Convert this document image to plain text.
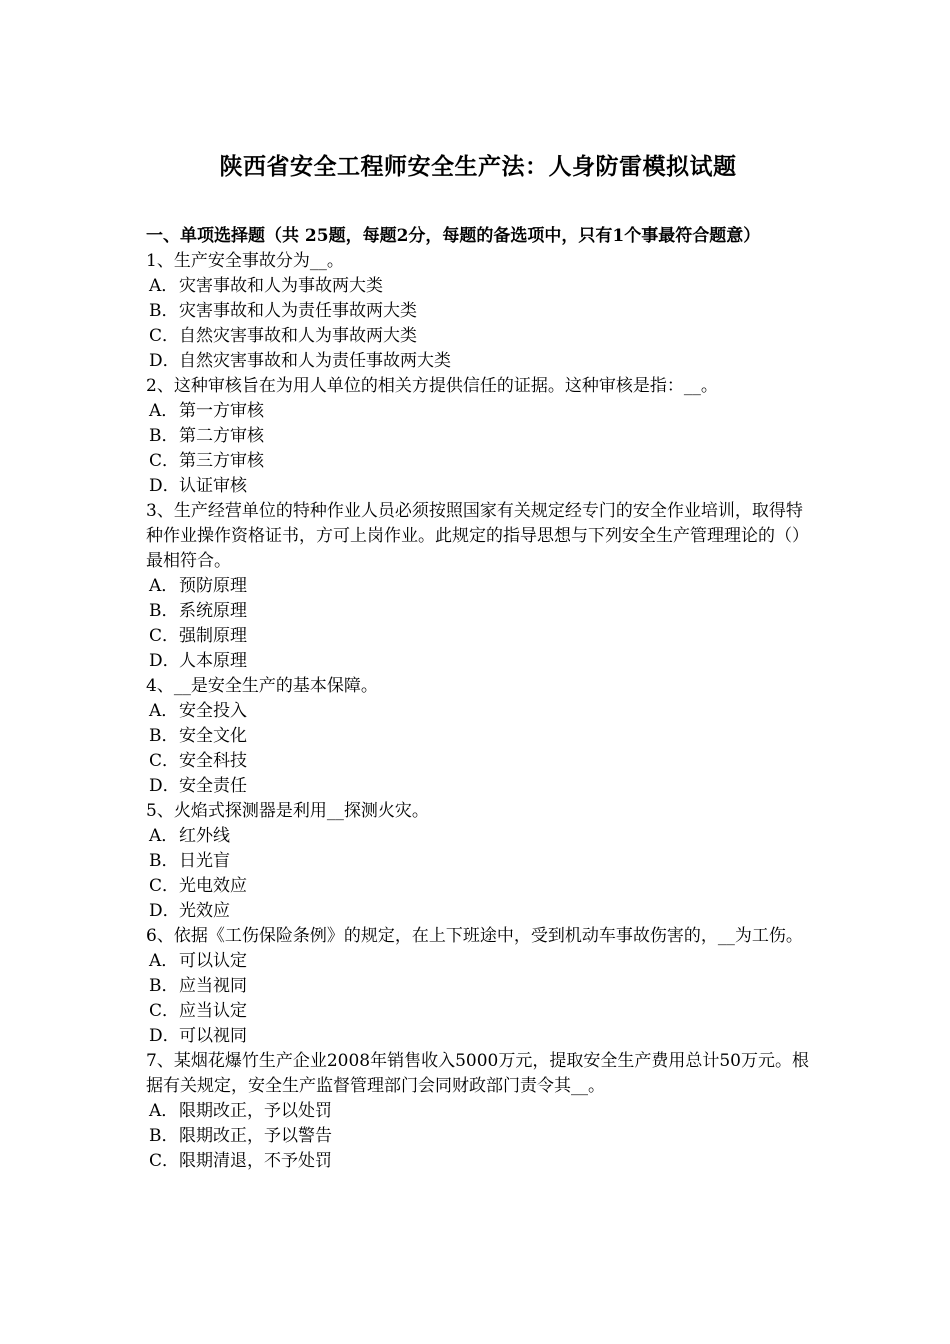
陕西省安全工程师安全生产法：人身防雷模拟试题

一、单项选择题（共 25题，每题2分，每题的备选项中，只有1个事最符合题意）

1、生产安全事故分为__。

A．灾害事故和人为事故两大类

B．灾害事故和人为责任事故两大类

C．自然灾害事故和人为事故两大类

D．自然灾害事故和人为责任事故两大类

2、这种审核旨在为用人单位的相关方提供信任的证据。这种审核是指：__。

A．第一方审核

B．第二方审核

C．第三方审核

D．认证审核

3、生产经营单位的特种作业人员必须按照国家有关规定经专门的安全作业培训，取得特种作业操作资格证书，方可上岗作业。此规定的指导思想与下列安全生产管理理论的（）最相符合。

A．预防原理

B．系统原理

C．强制原理

D．人本原理

4、__是安全生产的基本保障。

A．安全投入

B．安全文化

C．安全科技

D．安全责任

5、火焰式探测器是利用__探测火灾。

A．红外线

B．日光盲

C．光电效应

D．光效应

6、依据《工伤保险条例》的规定，在上下班途中，受到机动车事故伤害的，__为工伤。

A．可以认定

B．应当视同

C．应当认定

D．可以视同

7、某烟花爆竹生产企业2008年销售收入5000万元，提取安全生产费用总计50万元。根据有关规定，安全生产监督管理部门会同财政部门责令其__。

A．限期改正，予以处罚

B．限期改正，予以警告

C．限期清退，不予处罚
